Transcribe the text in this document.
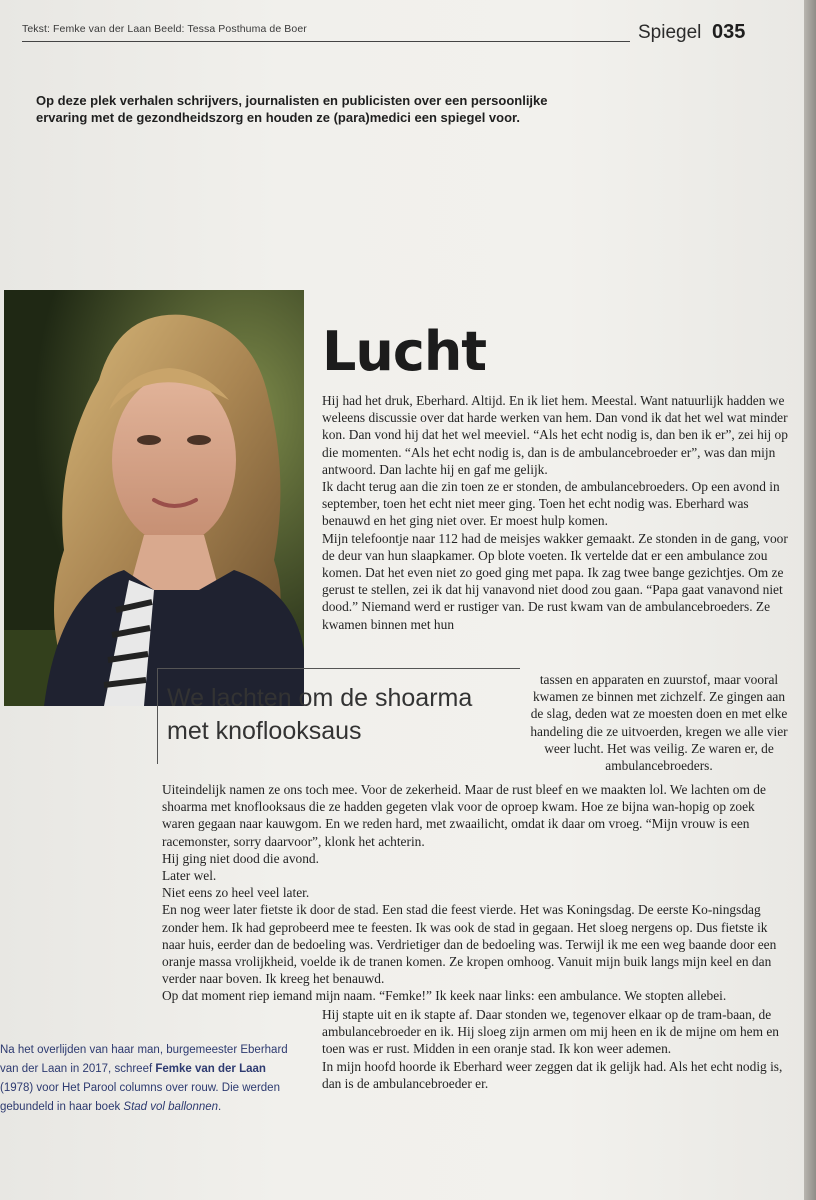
Tekst: Femke van der Laan Beeld: Tessa Posthuma de Boer	Spiegel 035
Op deze plek verhalen schrijvers, journalisten en publicisten over een persoonlijke ervaring met de gezondheidszorg en houden ze (para)medici een spiegel voor.
Lucht
We lachten om de shoarma met knoflooksaus

Hij had het druk, Eberhard. Altijd. En ik liet hem. Meestal. Want natuurlijk hadden we weleens discussie over dat harde werken van hem. Dan vond ik dat het wel wat minder kon. Dan vond hij dat het wel meeviel. “Als het echt nodig is, dan ben ik er”, zei hij op die momenten. “Als het echt nodig is, dan is de ambulancebroeder er”, was dan mijn antwoord. Dan lachte hij en gaf me gelijk.

Ik dacht terug aan die zin toen ze er stonden, de ambulancebroeders. Op een avond in september, toen het echt niet meer ging. Toen het echt nodig was. Eberhard was benauwd en het ging niet over. Er moest hulp komen.

Mijn telefoontje naar 112 had de meisjes wakker gemaakt. Ze stonden in de gang, voor de deur van hun slaapkamer. Op blote voeten. Ik vertelde dat er een ambulance zou komen. Dat het even niet zo goed ging met papa. Ik zag twee bange gezichtjes. Om ze gerust te stellen, zei ik dat hij vanavond niet dood zou gaan. “Papa gaat vanavond niet dood.” Niemand werd er rustiger van. De rust kwam van de ambulancebroeders. Ze kwamen binnen met hun

tassen en apparaten en zuurstof, maar vooral kwamen ze binnen met zichzelf. Ze gingen aan de slag, deden wat ze moesten doen en met elke handeling die ze uitvoerden, kregen we alle vier weer lucht. Het was veilig. Ze waren er, de ambulancebroeders.

Uiteindelijk namen ze ons toch mee. Voor de zekerheid. Maar de rust bleef en we maakten lol. We lachten om de shoarma met knoflooksaus die ze hadden gegeten vlak voor de oproep kwam. Hoe ze bijna wan-hopig op zoek waren gegaan naar kauwgom. En we reden hard, met zwaailicht, omdat ik daar om vroeg. “Mijn vrouw is een racemonster, sorry daarvoor”, klonk het achterin.

Hij ging niet dood die avond.

Later wel.

Niet eens zo heel veel later.

En nog weer later fietste ik door de stad. Een stad die feest vierde. Het was Koningsdag. De eerste Ko-ningsdag zonder hem. Ik had geprobeerd mee te feesten. Ik was ook de stad in gegaan. Het sloeg nergens op. Dus fietste ik naar huis, eerder dan de bedoeling was. Verdrietiger dan de bedoeling was. Terwijl ik me een weg baande door een oranje massa vrolijkheid, voelde ik de tranen komen. Ze kropen omhoog. Vanuit mijn buik langs mijn keel en dan verder naar boven. Ik kreeg het benauwd.

Op dat moment riep iemand mijn naam. “Femke!” Ik keek naar links: een ambulance. We stopten allebei.

Hij stapte uit en ik stapte af. Daar stonden we, tegenover elkaar op de tram-baan, de ambulancebroeder en ik. Hij sloeg zijn armen om mij heen en ik de mijne om hem en toen was er rust. Midden in een oranje stad. Ik kon weer ademen.

In mijn hoofd hoorde ik Eberhard weer zeggen dat ik gelijk had. Als het echt nodig is, dan is de ambulancebroeder er.

Na het overlijden van haar man, burgemeester Eberhard van der Laan in 2017, schreef Femke van der Laan (1978) voor Het Parool columns over rouw. Die werden gebundeld in haar boek Stad vol ballonnen.
